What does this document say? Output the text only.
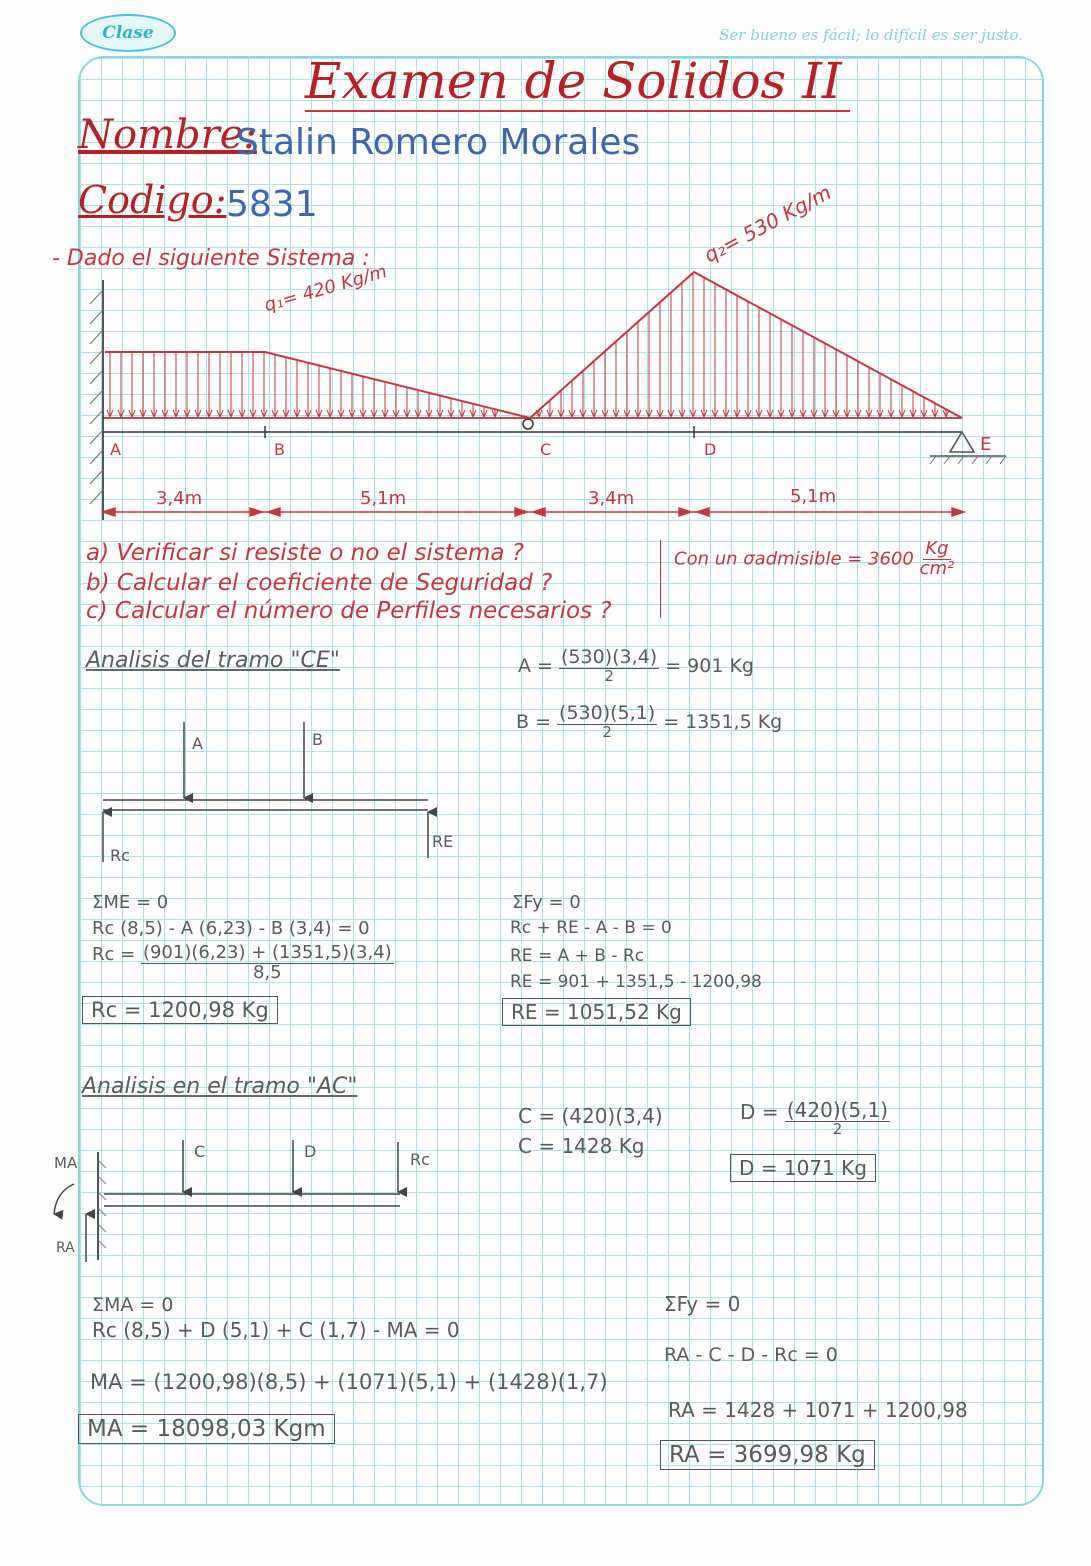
Clase	Ser bueno es fácil; lo difícil es ser justo.
Examen de Solidos II
Nombre:
Stalin Romero Morales
Codigo: 5831
- Dado el siguiente Sistema :
q₁= 420 Kg/m
q₂= 530 Kg/m
A	B	C	D	E
3,4m	5,1m	3,4m	5,1m
a) Verificar si resiste o no el sistema ?
b) Calcular el coeficiente de Seguridad ?
c) Calcular el número de Perfiles necesarios ?
Con un σadmisible = $3600 \frac{Kg}{\text{cm²}}$
Analisis del tramo "CE"	$A = \frac{(530)(3,4)}{2} = 901$ Kg
$B = \frac{(530)(5,1)}{2} = 1351,5$ Kg
A	B
Rc
RE
ΣME = 0
Rc (8,5) - A (6,23) - B (3,4) = 0
$Rc = \frac{(901)(6,23) + (1351,5)(3,4)}{8,5}$
Rc = 1200,98 Kg
ΣFy = 0
Rc + RE - A - B = 0
RE = A + B - Rc
RE = 901 + 1351,5 - 1200,98
RE = 1051,52 Kg
Analisis en el tramo "AC"
C = (420)(3,4)
C = 1428 Kg
$D = \frac{(420)(5,1)}{2}$
D = 1071 Kg
C	D	Rc
MA
RA
ΣMA = 0
Rc (8,5) + D (5,1) + C (1,7) - MA = 0
MA = (1200,98)(8,5) + (1071)(5,1) + (1428)(1,7)
MA = 18098,03 Kgm
ΣFy = 0
RA - C - D - Rc = 0
RA = 1428 + 1071 + 1200,98
RA = 3699,98 Kg
